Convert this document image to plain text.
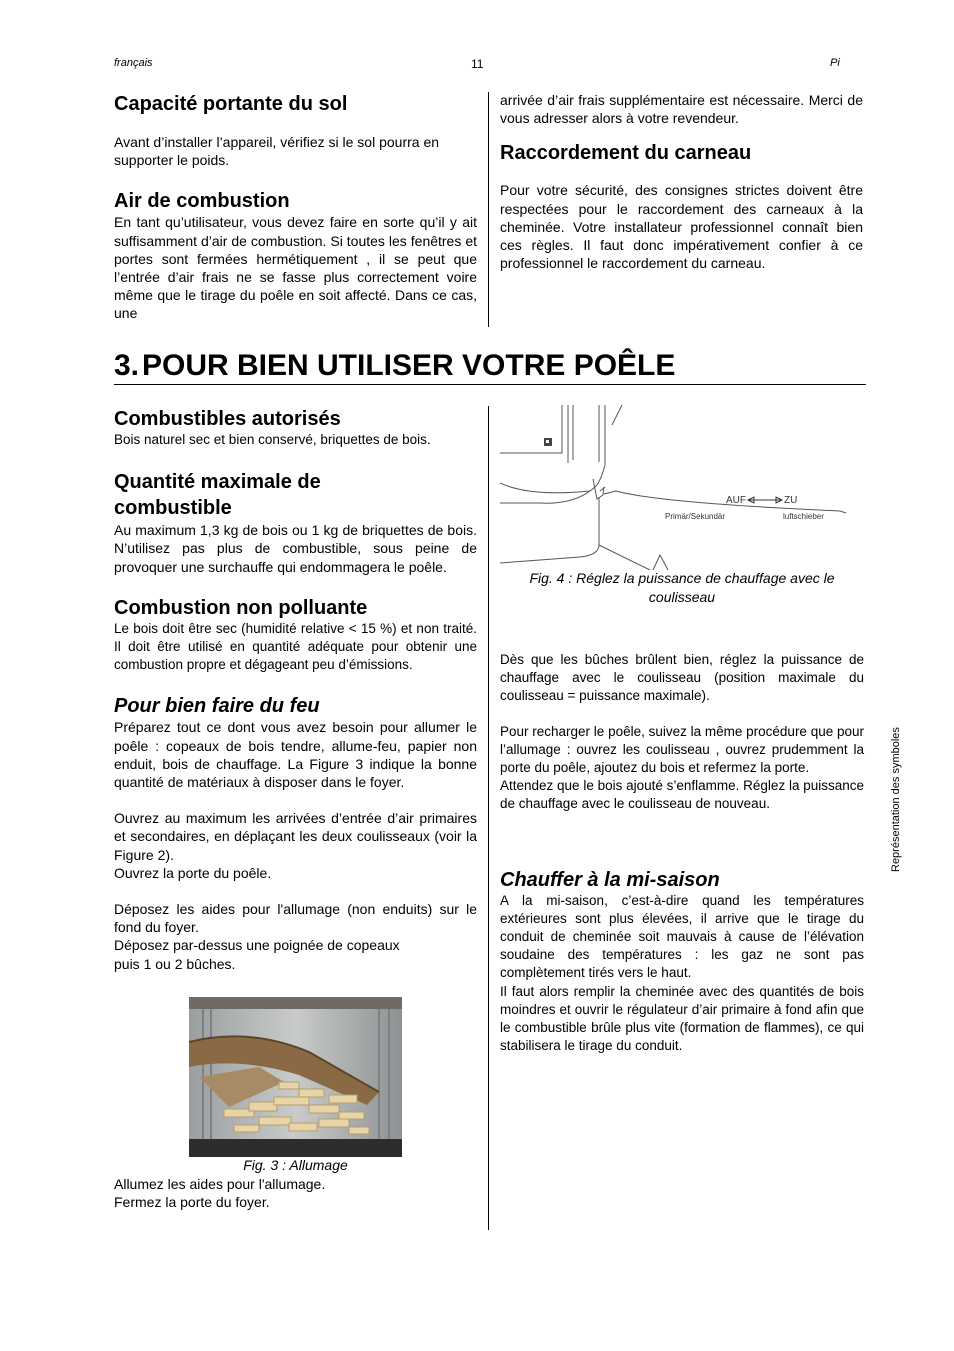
français	11	Pi
Capacité portante du sol

Avant d’installer l’appareil, vérifiez si le sol pourra en supporter le poids.

Air de combustion

En tant qu’utilisateur, vous devez faire en sorte qu’il y ait suffisamment d’air de combustion. Si toutes les fenêtres et portes sont fermées hermétiquement , il se peut que l’entrée d’air frais ne se fasse plus correctement voire même que le tirage du poêle en soit affecté. Dans ce cas, une

arrivée d’air frais supplémentaire est nécessaire. Merci de vous adresser alors à votre revendeur.

Raccordement du carneau

Pour votre sécurité, des consignes strictes doivent être respectées pour le raccordement des carneaux à la cheminée. Votre installateur professionnel connaît bien ces règles. Il faut donc impérativement confier à ce professionnel le raccordement du carneau.

3. POUR BIEN UTILISER VOTRE POÊLE
Combustibles autorisés

Bois naturel sec et bien conservé, briquettes de bois.

Quantité maximale de
combustible

Au maximum 1,3 kg de bois ou 1 kg de briquettes de bois. N’utilisez pas plus de combustible, sous peine de provoquer une surchauffe qui endommagera le poêle.

Combustion non polluante

Le bois doit être sec (humidité relative < 15 %) et non traité. Il doit être utilisé en quantité adéquate pour obtenir une combustion propre et dégageant peu d’émissions.

Pour bien faire du feu

Préparez tout ce dont vous avez besoin pour allumer le poêle : copeaux de bois tendre, allume-feu, papier non enduit, bois de chauffage. La Figure 3 indique la bonne quantité de matériaux à disposer dans le foyer.

Ouvrez au maximum les arrivées d’entrée d’air primaires et secondaires, en déplaçant les deux coulisseaux (voir la Figure 2).

Ouvrez la porte du poêle.

Déposez les aides pour l'allumage (non enduits) sur le fond du foyer.

Déposez par-dessus une poignée de copeaux
puis 1 ou 2 bûches.

Fig. 3 : Allumage
Allumez les aides pour l'allumage.
Fermez la porte du foyer.
AUF	ZU
Primär/Sekundär	luftschieber
Fig. 4 : Réglez la puissance de chauffage avec le coulisseau

Dès que les bûches brûlent bien, réglez la puissance de chauffage avec le coulisseau (position maximale du coulisseau = puissance maximale).

Pour recharger le poêle, suivez la même procédure que pour l’allumage : ouvrez les coulisseau , ouvrez prudemment la porte du poêle, ajoutez du bois et refermez la porte.

Attendez que le bois ajouté s’enflamme. Réglez la puissance de chauffage avec le coulisseau de nouveau.

Chauffer à la mi-saison

A la mi-saison, c’est-à-dire quand les températures extérieures sont plus élevées, il arrive que le tirage du conduit de cheminée soit mauvais à cause de l’élévation soudaine des températures : les gaz ne sont pas complètement tirés vers le haut.

Il faut alors remplir la cheminée avec des quantités de bois moindres et ouvrir le régulateur d’air primaire à fond afin que le combustible brûle plus vite (formation de flammes), ce qui stabilisera le tirage du conduit.

Représentation des symboles
